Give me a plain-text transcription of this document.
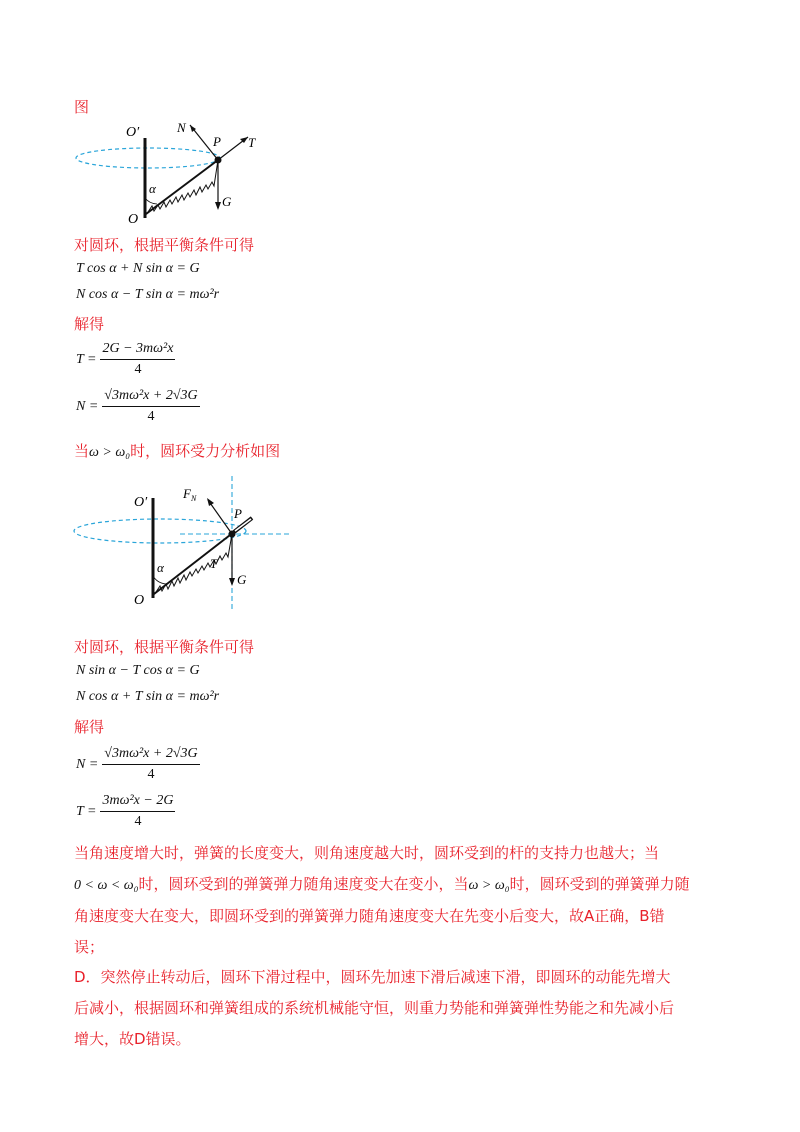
图
O′
O
N
P T
G
α
对圆环，根据平衡条件可得
T cos α + N sin α = G
N cos α − T sin α = mω²r
解得
$T = \frac{\text{2G − 3mω²x}}{4}$
$N = \frac{\text{√3mω²x + 2√3G}}{4}$
当ω > ω₀时，圆环受力分析如图
O′
O
$F_N$
P
T
G
α
对圆环，根据平衡条件可得
N sin α − T cos α = G
N cos α + T sin α = mω²r
解得
$N = \frac{\text{√3mω²x + 2√3G}}{4}$
$T = \frac{\text{3mω²x − 2G}}{4}$
当角速度增大时，弹簧的长度变大，则角速度越大时，圆环受到的杆的支持力也越大；当
0 < ω < ω₀时，圆环受到的弹簧弹力随角速度变大在变小，当ω > ω₀时，圆环受到的弹簧弹力随
角速度变大在变大，即圆环受到的弹簧弹力随角速度变大在先变小后变大，故A正确，B错
误；
D．突然停止转动后，圆环下滑过程中，圆环先加速下滑后减速下滑，即圆环的动能先增大
后减小，根据圆环和弹簧组成的系统机械能守恒，则重力势能和弹簧弹性势能之和先减小后
增大，故D错误。
